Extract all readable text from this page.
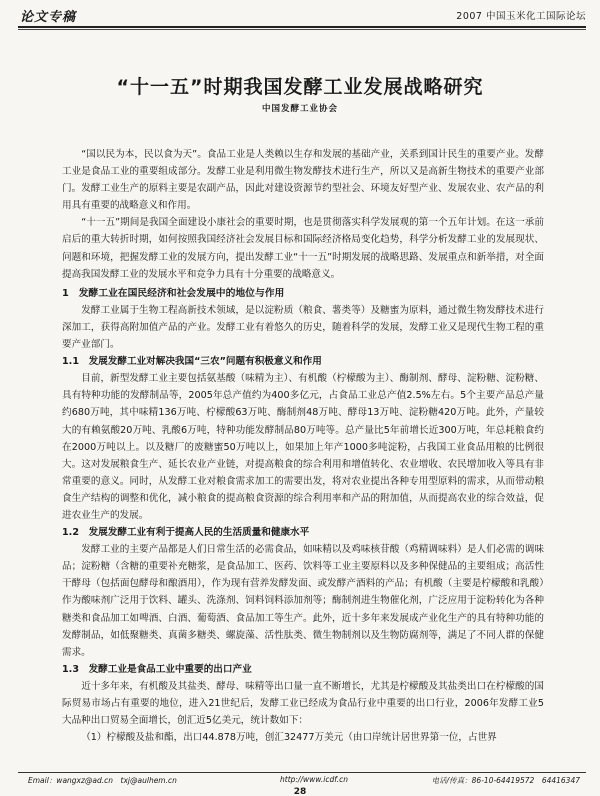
论文专稿	2007 中国玉米化工国际论坛
“十一五”时期我国发酵工业发展战略研究
中国发酵工业协会
“国以民为本，民以食为天”。食品工业是人类赖以生存和发展的基础产业，关系到国计民生的重要产业。发酵工业是食品工业的重要组成部分。发酵工业是利用微生物发酵技术进行生产，所以又是高新生物技术的重要产业部门。发酵工业生产的原料主要是农副产品，因此对建设资源节约型社会、环境友好型产业、发展农业、农产品的利用具有重要的战略意义和作用。
“十一五”期间是我国全面建设小康社会的重要时期，也是贯彻落实科学发展观的第一个五年计划。在这一承前启后的重大转折时期，如何按照我国经济社会发展目标和国际经济格局变化趋势，科学分析发酵工业的发展现状、问题和环境，把握发酵工业的发展方向，提出发酵工业“十一五”时期发展的战略思路、发展重点和新举措，对全面提高我国发酵工业的发展水平和竞争力具有十分重要的战略意义。
1　发酵工业在国民经济和社会发展中的地位与作用
发酵工业属于生物工程高新技术领域，是以淀粉质（粮食、薯类等）及糖蜜为原料，通过微生物发酵技术进行深加工，获得高附加值产品的产业。发酵工业有着悠久的历史，随着科学的发展，发酵工业又是现代生物工程的重要产业部门。
1.1　发展发酵工业对解决我国“三农”问题有积极意义和作用
目前，新型发酵工业主要包括氨基酸（味精为主）、有机酸（柠檬酸为主）、酶制剂、酵母、淀粉糖、淀粉糖、具有特种功能的发酵制品等，2005年总产值约为400多亿元，占食品工业总产值2.5%左右。5个主要产品总产量约680万吨，其中味精136万吨、柠檬酸63万吨、酶制剂48万吨、酵母13万吨、淀粉糖420万吨。此外，产量较大的有赖氨酸20万吨、乳酸6万吨，特种功能发酵制品80万吨等。总产量比5年前增长近300万吨，年总耗粮食约在2000万吨以上。以及糖厂的废糖蜜50万吨以上，如果加上年产1000多吨淀粉，占我国工业食品用粮的比例很大。这对发展粮食生产、延长农业产业链，对提高粮食的综合利用和增值转化、农业增收、农民增加收入等具有非常重要的意义。同时，从发酵工业对粮食需求加工的需要出发，将对农业提出各种专用型原料的需求，从而带动粮食生产结构的调整和优化，减小粮食的提高粮食资源的综合利用率和产品的附加值，从而提高农业的综合效益，促进农业生产的发展。
1.2　发展发酵工业有利于提高人民的生活质量和健康水平
发酵工业的主要产品都是人们日常生活的必需食品，如味精以及鸡味核苷酸（鸡精调味料）是人们必需的调味品；淀粉糖（含糖的重要补充糖浆，是食品加工、医药、饮料等工业主要原料以及多种保健品的主要组成；高活性干酵母（包括面包酵母和酿酒用），作为现有营养发酵发面、或发酵产酒料的产品；有机酸（主要是柠檬酸和乳酸）作为酸味剂广泛用于饮料、罐头、洗涤剂、饲料饲料添加剂等；酶制剂进生物催化剂，广泛应用于淀粉转化为各种糖类和食品加工如啤酒、白酒、葡萄酒、食品加工等生产。此外，近十多年来发展成产业化生产的具有特种功能的发酵制品，如低聚糖类、真菌多糖类、螺旋藻、活性肽类、微生物制剂以及生物防腐剂等，满足了不同人群的保健需求。
1.3　发酵工业是食品工业中重要的出口产业
近十多年来，有机酸及其盐类、酵母、味精等出口量一直不断增长，尤其是柠檬酸及其盐类出口在柠檬酸的国际贸易市场占有重要的地位，进入21世纪后，发酵工业已经成为食品行业中重要的出口行业，2006年发酵工业5大品种出口贸易全面增长，创汇近5亿美元，统计数如下：
（1）柠檬酸及盐和酯，出口44.878万吨，创汇32477万美元（由口岸统计居世界第一位，占世界
Email：wangxz@ad.cn　txj@aulhem.cn	http://www.icdf.cn	电话/传真：86-10-64419572　64416347
28
